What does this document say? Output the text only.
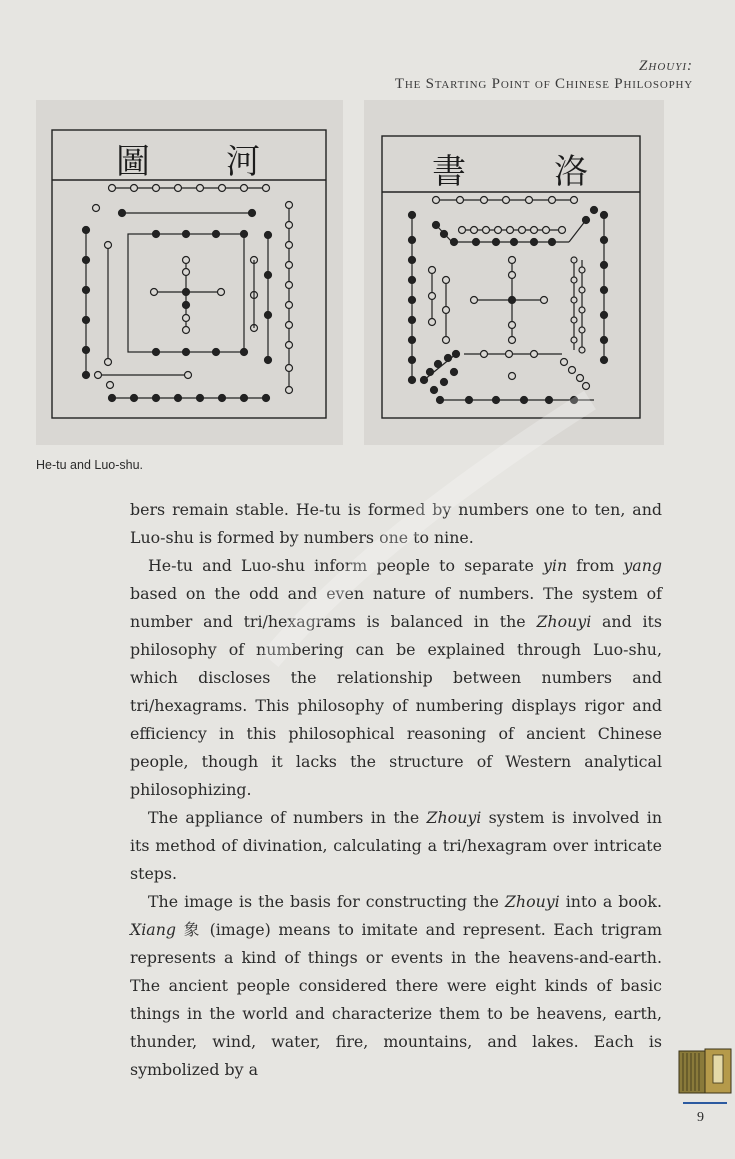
Zhouyi:
The Starting Point of Chinese Philosophy
圖 河	書	洛
He-tu and Luo-shu.

bers remain stable. He-tu is formed by numbers one to ten, and Luo-shu is formed by numbers one to nine.

He-tu and Luo-shu inform people to separate yin from yang based on the odd and even nature of numbers. The system of number and tri/hexagrams is balanced in the Zhouyi and its philosophy of numbering can be explained through Luo-shu, which discloses the relationship between numbers and tri/hexagrams. This philosophy of numbering displays rigor and efficiency in this philosophical reasoning of ancient Chinese people, though it lacks the structure of Western analytical philosophizing.

The appliance of numbers in the Zhouyi system is involved in its method of divination, calculating a tri/hexagram over intricate steps.

The image is the basis for constructing the Zhouyi into a book. Xiang 象 (image) means to imitate and represent. Each trigram represents a kind of things or events in the heavens-and-earth. The ancient people considered there were eight kinds of basic things in the world and characterize them to be heavens, earth, thunder, wind, water, fire, mountains, and lakes. Each is symbolized by a

9
